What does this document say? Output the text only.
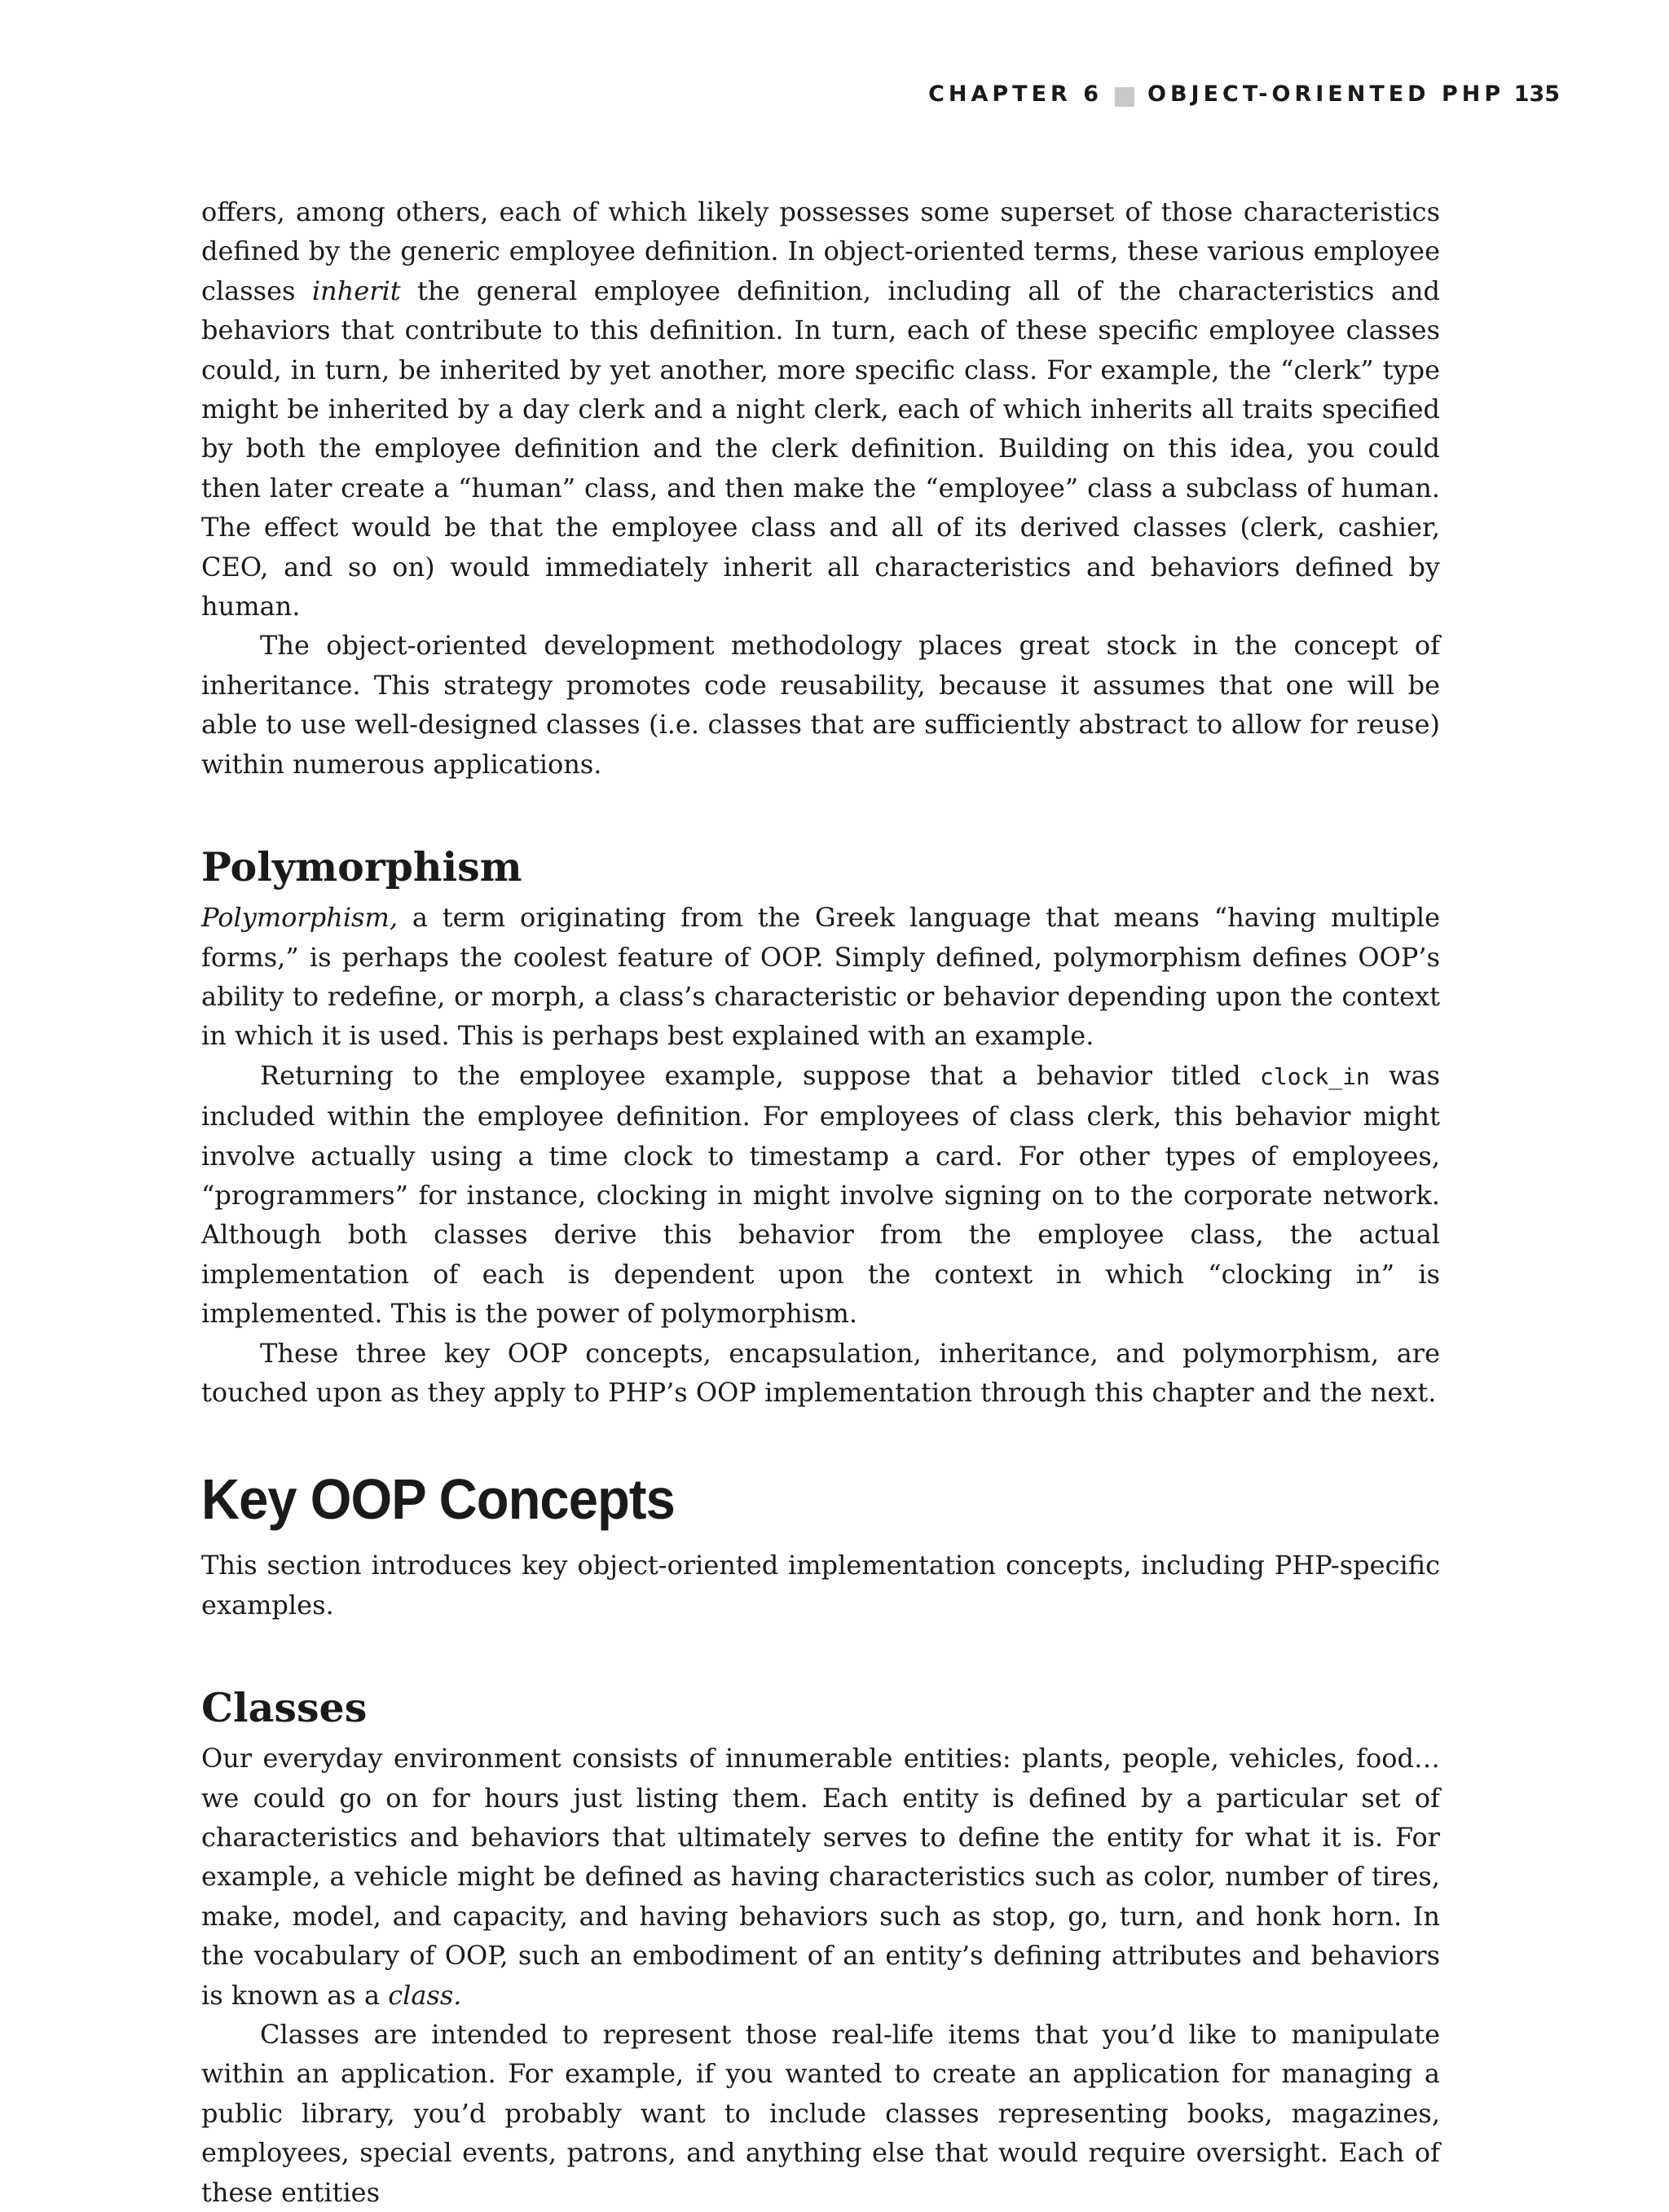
CHAPTER 6 OBJECT-ORIENTED PHP 135

offers, among others, each of which likely possesses some superset of those characteristics defined by the generic employee definition. In object-oriented terms, these various employee classes inherit the general employee definition, including all of the characteristics and behaviors that contribute to this definition. In turn, each of these specific employee classes could, in turn, be inherited by yet another, more specific class. For example, the “clerk” type might be inherited by a day clerk and a night clerk, each of which inherits all traits specified by both the employee definition and the clerk definition. Building on this idea, you could then later create a “human” class, and then make the “employee” class a subclass of human. The effect would be that the employee class and all of its derived classes (clerk, cashier, CEO, and so on) would immediately inherit all characteristics and behaviors defined by human.

The object-oriented development methodology places great stock in the concept of inheritance. This strategy promotes code reusability, because it assumes that one will be able to use well-designed classes (i.e. classes that are sufficiently abstract to allow for reuse) within numerous applications.

Polymorphism

Polymorphism, a term originating from the Greek language that means “having multiple forms,” is perhaps the coolest feature of OOP. Simply defined, polymorphism defines OOP’s ability to redefine, or morph, a class’s characteristic or behavior depending upon the context in which it is used. This is perhaps best explained with an example.

Returning to the employee example, suppose that a behavior titled clock_in was included within the employee definition. For employees of class clerk, this behavior might involve actually using a time clock to timestamp a card. For other types of employees, “programmers” for instance, clocking in might involve signing on to the corporate network. Although both classes derive this behavior from the employee class, the actual implementation of each is dependent upon the context in which “clocking in” is implemented. This is the power of polymorphism.

These three key OOP concepts, encapsulation, inheritance, and polymorphism, are touched upon as they apply to PHP’s OOP implementation through this chapter and the next.

Key OOP Concepts

This section introduces key object-oriented implementation concepts, including PHP-specific examples.

Classes

Our everyday environment consists of innumerable entities: plants, people, vehicles, food…we could go on for hours just listing them. Each entity is defined by a particular set of characteristics and behaviors that ultimately serves to define the entity for what it is. For example, a vehicle might be defined as having characteristics such as color, number of tires, make, model, and capacity, and having behaviors such as stop, go, turn, and honk horn. In the vocabulary of OOP, such an embodiment of an entity’s defining attributes and behaviors is known as a class.

Classes are intended to represent those real-life items that you’d like to manipulate within an application. For example, if you wanted to create an application for managing a public library, you’d probably want to include classes representing books, magazines, employees, special events, patrons, and anything else that would require oversight. Each of these entities
